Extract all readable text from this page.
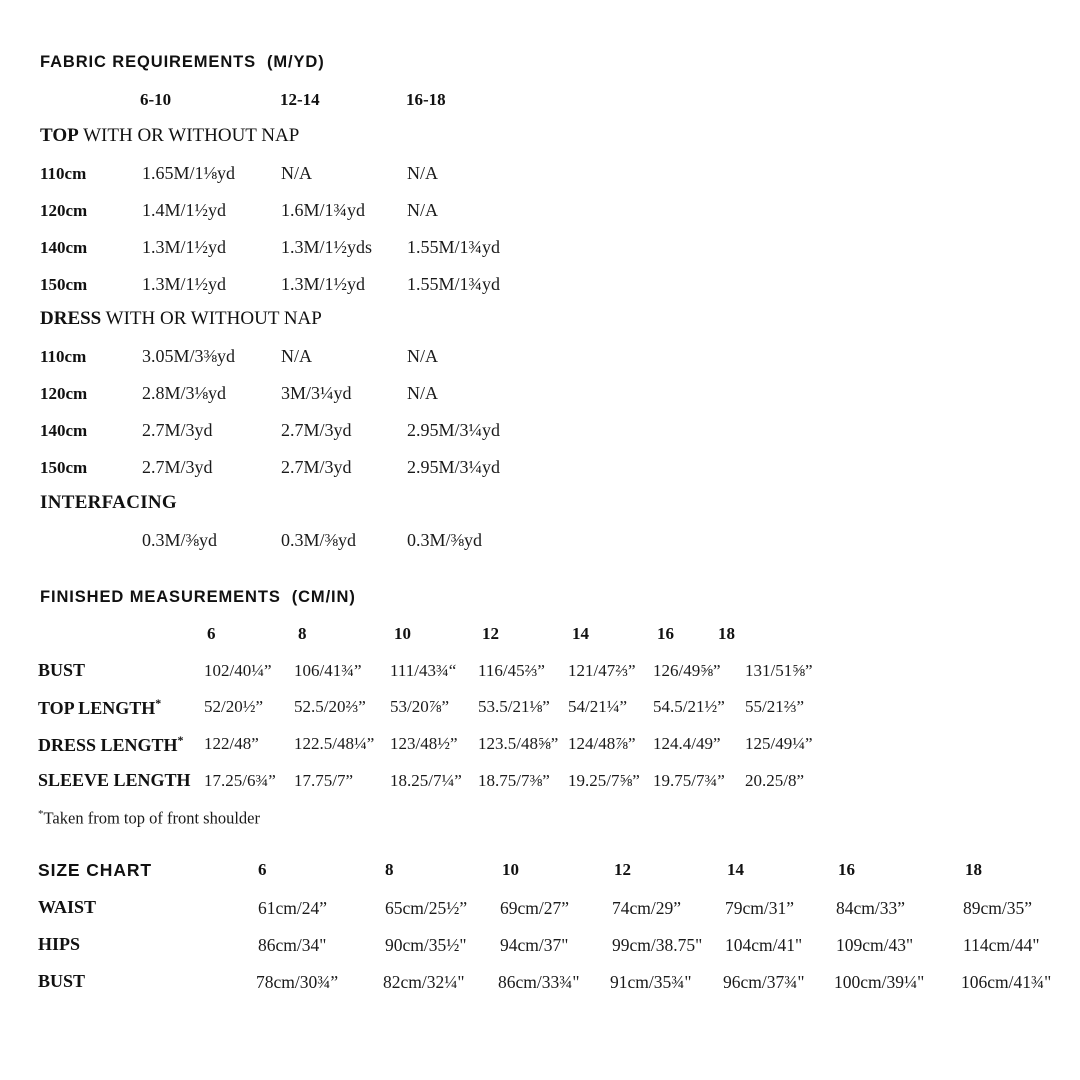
FABRIC REQUIREMENTS  (M/YD)
6-10	12-14	16-18
TOP WITH OR WITHOUT NAP
110cm	1.65M/1⅛yd	N/A	N/A
120cm	1.4M/1½yd	1.6M/1¾yd N/A
140cm	1.3M/1½yd	1.3M/1½yds 1.55M/1¾yd
150cm	1.3M/1½yd	1.3M/1½yd 1.55M/1¾yd
DRESS WITH OR WITHOUT NAP
110cm	3.05M/3⅜yd	N/A	N/A
120cm	2.8M/3⅛yd	3M/3¼yd	N/A
140cm	2.7M/3yd	2.7M/3yd	2.95M/3¼yd
150cm	2.7M/3yd	2.7M/3yd	2.95M/3¼yd
INTERFACING
0.3M/⅜yd	0.3M/⅜yd	0.3M/⅜yd
FINISHED MEASUREMENTS  (CM/IN)
6	8	10	12	14	16	18
BUST	102/40¼” 106/41¾” 111/43¾“ 116/45⅔” 121/47⅔” 126/49⅝” 131/51⅝”
TOP LENGTH*	52/20½” 52.5/20⅔” 53/20⅞” 53.5/21⅛” 54/21¼” 54.5/21½” 55/21⅔”
DRESS LENGTH* 122/48” 122.5/48¼” 123/48½” 123.5/48⅝” 124/48⅞” 124.4/49” 125/49¼”
SLEEVE LENGTH 17.25/6¾” 17.75/7” 18.25/7¼” 18.75/7⅜” 19.25/7⅝” 19.75/7¾” 20.25/8”
*Taken from top of front shoulder
SIZE CHART	6	8	10	12	14	16	18
WAIST	61cm/24”	65cm/25½” 69cm/27” 74cm/29”	79cm/31” 84cm/33”	89cm/35”
HIPS	86cm/34"	90cm/35½" 94cm/37" 99cm/38.75" 104cm/41" 109cm/43"	114cm/44"
BUST	78cm/30¾”	82cm/32¼" 86cm/33¾" 91cm/35¾" 96cm/37¾" 100cm/39¼" 106cm/41¾"
